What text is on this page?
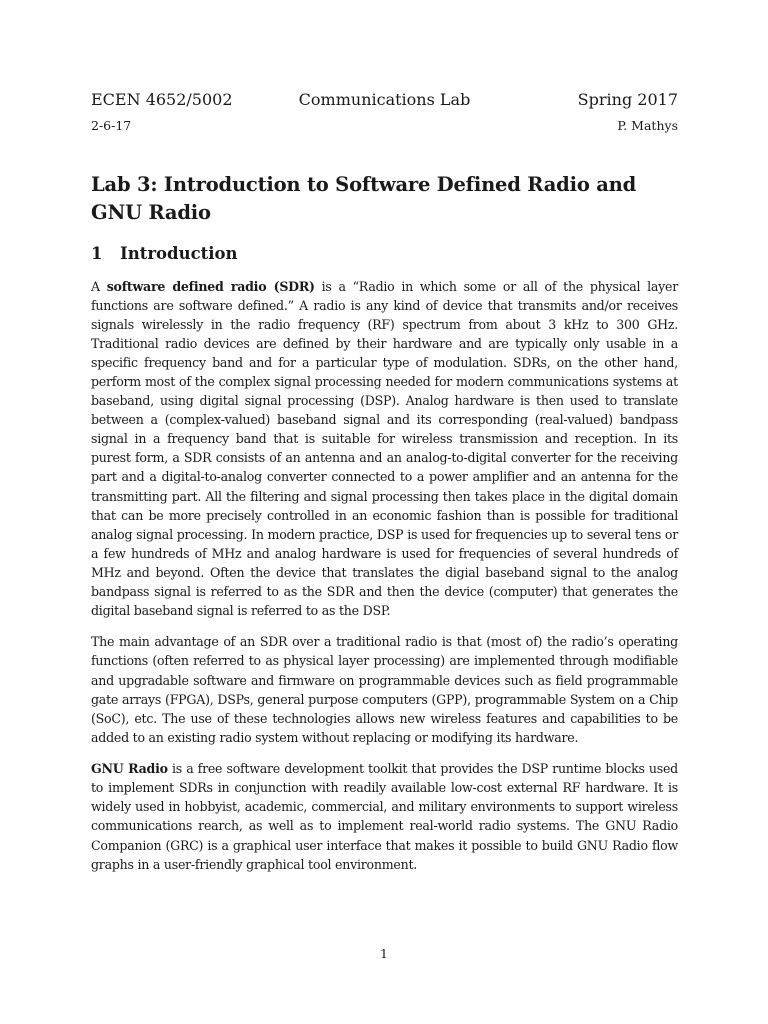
ECEN 4652/5002	Communications Lab	Spring 2017
2-6-17	P. Mathys
Lab 3: Introduction to Software Defined Radio and GNU Radio
1 Introduction

A software defined radio (SDR) is a “Radio in which some or all of the physical layer functions are software defined.” A radio is any kind of device that transmits and/or receives signals wirelessly in the radio frequency (RF) spectrum from about 3 kHz to 300 GHz. Traditional radio devices are defined by their hardware and are typically only usable in a specific frequency band and for a particular type of modulation. SDRs, on the other hand, perform most of the complex signal processing needed for modern communications systems at baseband, using digital signal processing (DSP). Analog hardware is then used to translate between a (complex-valued) baseband signal and its corresponding (real-valued) bandpass signal in a frequency band that is suitable for wireless transmission and reception. In its purest form, a SDR consists of an antenna and an analog-to-digital converter for the receiving part and a digital-to-analog converter connected to a power amplifier and an antenna for the transmitting part. All the filtering and signal processing then takes place in the digital domain that can be more precisely controlled in an economic fashion than is possible for traditional analog signal processing. In modern practice, DSP is used for frequencies up to several tens or a few hundreds of MHz and analog hardware is used for frequencies of several hundreds of MHz and beyond. Often the device that translates the digial baseband signal to the analog bandpass signal is referred to as the SDR and then the device (computer) that generates the digital baseband signal is referred to as the DSP.

The main advantage of an SDR over a traditional radio is that (most of) the radio’s operating functions (often referred to as physical layer processing) are implemented through modifiable and upgradable software and firmware on programmable devices such as field programmable gate arrays (FPGA), DSPs, general purpose computers (GPP), programmable System on a Chip (SoC), etc. The use of these technologies allows new wireless features and capabilities to be added to an existing radio system without replacing or modifying its hardware.

GNU Radio is a free software development toolkit that provides the DSP runtime blocks used to implement SDRs in conjunction with readily available low-cost external RF hardware. It is widely used in hobbyist, academic, commercial, and military environments to support wireless communications rearch, as well as to implement real-world radio systems. The GNU Radio Companion (GRC) is a graphical user interface that makes it possible to build GNU Radio flow graphs in a user-friendly graphical tool environment.

1
